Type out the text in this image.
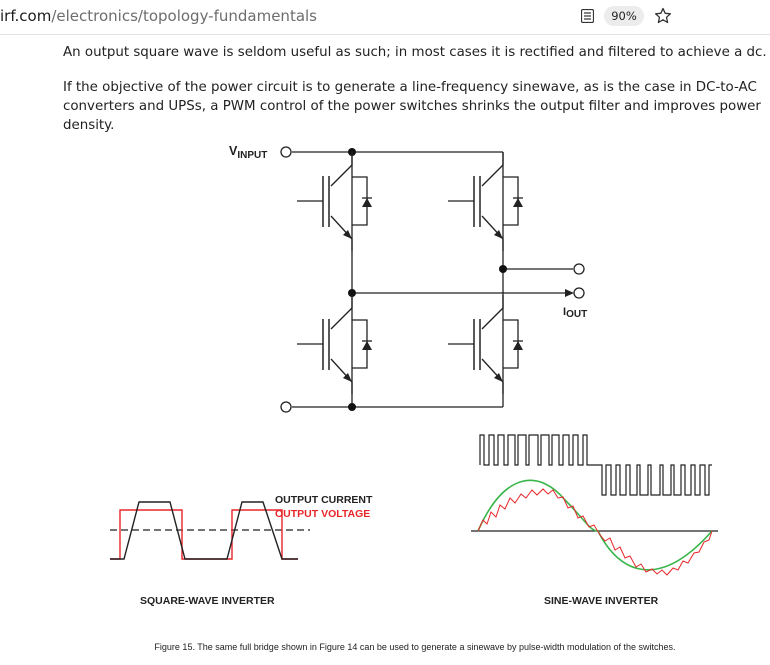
irf.com/electronics/topology-fundamentals	90%
An output square wave is seldom useful as such; in most cases it is rectified and filtered to achieve a dc.
If the objective of the power circuit is to generate a line-frequency sinewave, as is the case in DC-to-AC converters and UPSs, a PWM control of the power switches shrinks the output filter and improves power density.
$V_{INPUT}$
IOUT
OUTPUT CURRENT
OUTPUT VOLTAGE
SQUARE-WAVE INVERTER	SINE-WAVE INVERTER
Figure 15. The same full bridge shown in Figure 14 can be used to generate a sinewave by pulse-width modulation of the switches.
